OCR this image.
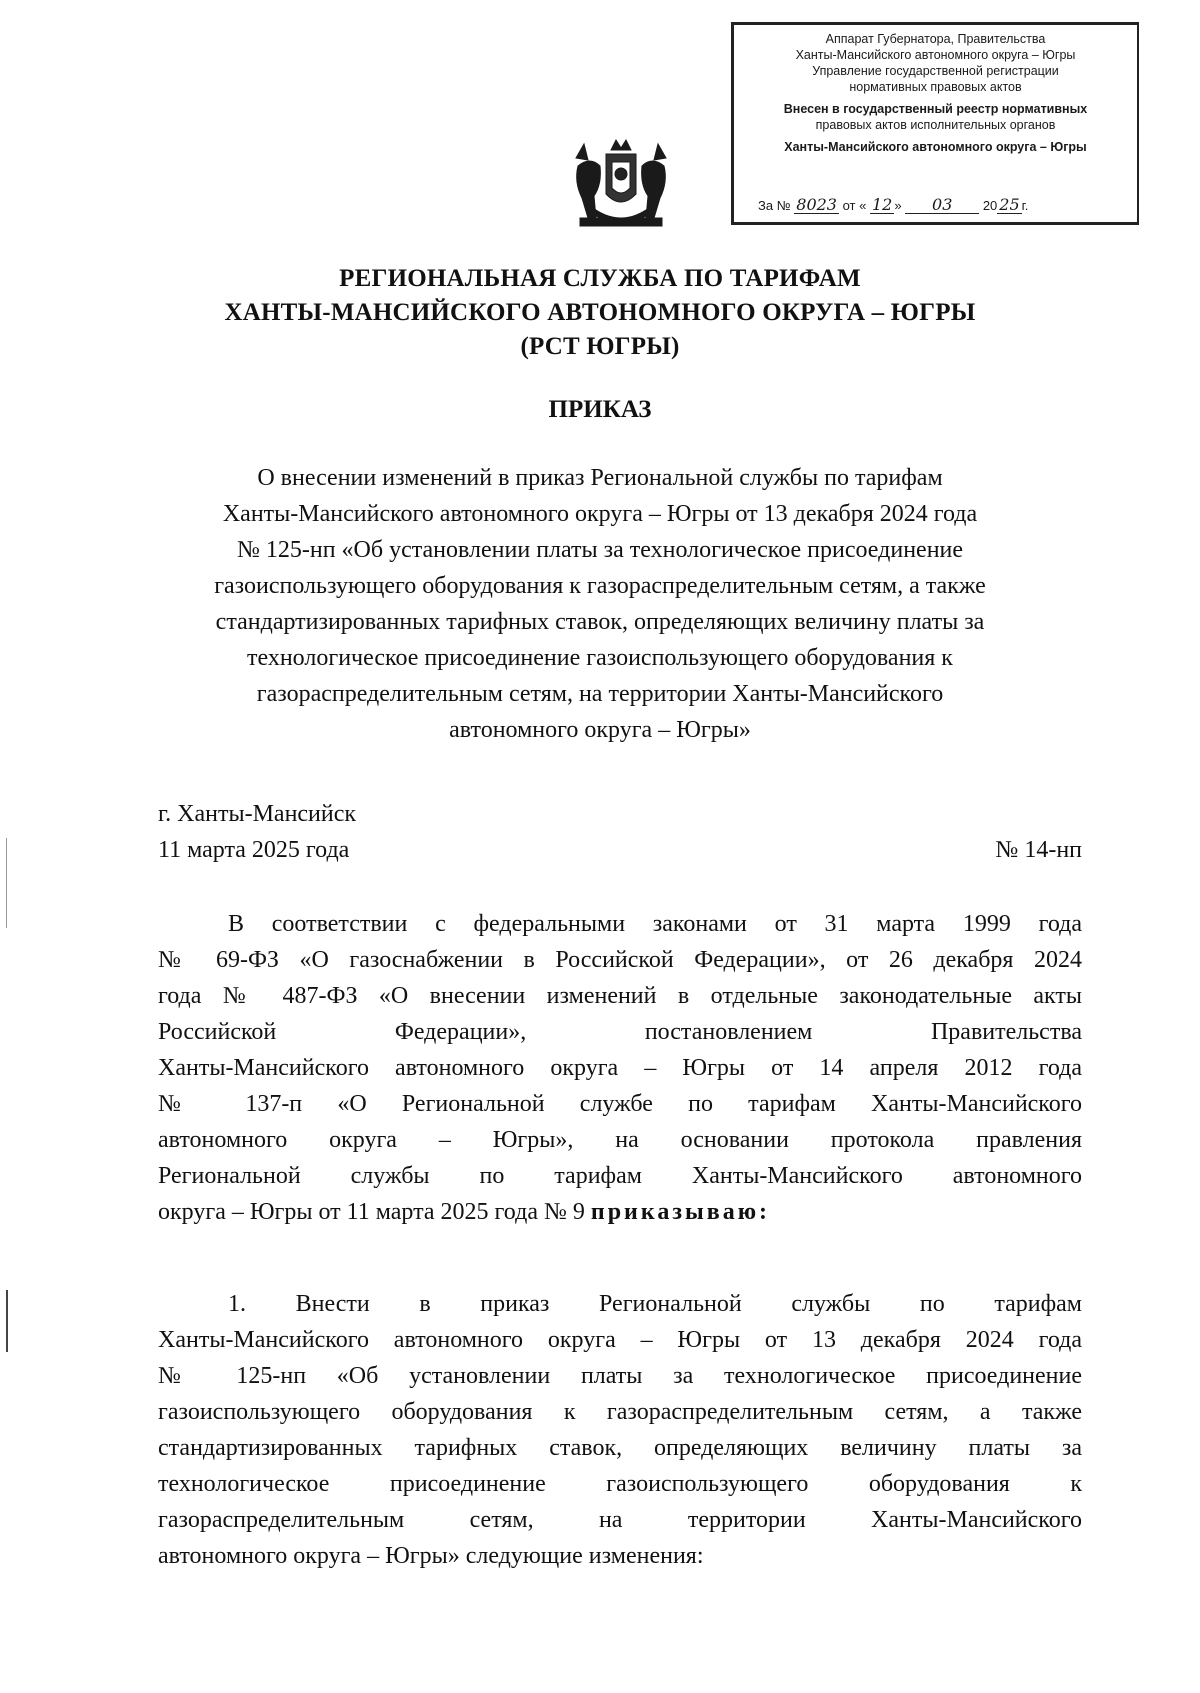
Аппарат Губернатора, Правительства
Ханты-Мансийского автономного округа – Югры
Управление государственной регистрации
нормативных правовых актов
Внесен в государственный реестр нормативных
правовых актов исполнительных органов
Ханты-Мансийского автономного округа – Югры
За № 8023 от « 12 » 03 20 25 г.
РЕГИОНАЛЬНАЯ СЛУЖБА ПО ТАРИФАМ
ХАНТЫ-МАНСИЙСКОГО АВТОНОМНОГО ОКРУГА – ЮГРЫ
(РСТ ЮГРЫ)
ПРИКАЗ
О внесении изменений в приказ Региональной службы по тарифам
Ханты-Мансийского автономного округа – Югры от 13 декабря 2024 года
№ 125-нп «Об установлении платы за технологическое присоединение
газоиспользующего оборудования к газораспределительным сетям, а также
стандартизированных тарифных ставок, определяющих величину платы за
технологическое присоединение газоиспользующего оборудования к
газораспределительным сетям, на территории Ханты-Мансийского
автономного округа – Югры»
г. Ханты-Мансийск
11 марта 2025 года	№ 14-нп
В соответствии с федеральными законами от 31 марта 1999 года
№ 69-ФЗ «О газоснабжении в Российской Федерации», от 26 декабря 2024
года № 487-ФЗ «О внесении изменений в отдельные законодательные акты
Российской Федерации», постановлением Правительства
Ханты-Мансийского автономного округа – Югры от 14 апреля 2012 года
№ 137-п «О Региональной службе по тарифам Ханты-Мансийского
автономного округа – Югры», на основании протокола правления
Региональной службы по тарифам Ханты-Мансийского автономного
округа – Югры от 11 марта 2025 года № 9 приказываю:
1. Внести в приказ Региональной службы по тарифам
Ханты-Мансийского автономного округа – Югры от 13 декабря 2024 года
№ 125-нп «Об установлении платы за технологическое присоединение
газоиспользующего оборудования к газораспределительным сетям, а также
стандартизированных тарифных ставок, определяющих величину платы за
технологическое присоединение газоиспользующего оборудования к
газораспределительным сетям, на территории Ханты-Мансийского
автономного округа – Югры» следующие изменения:
